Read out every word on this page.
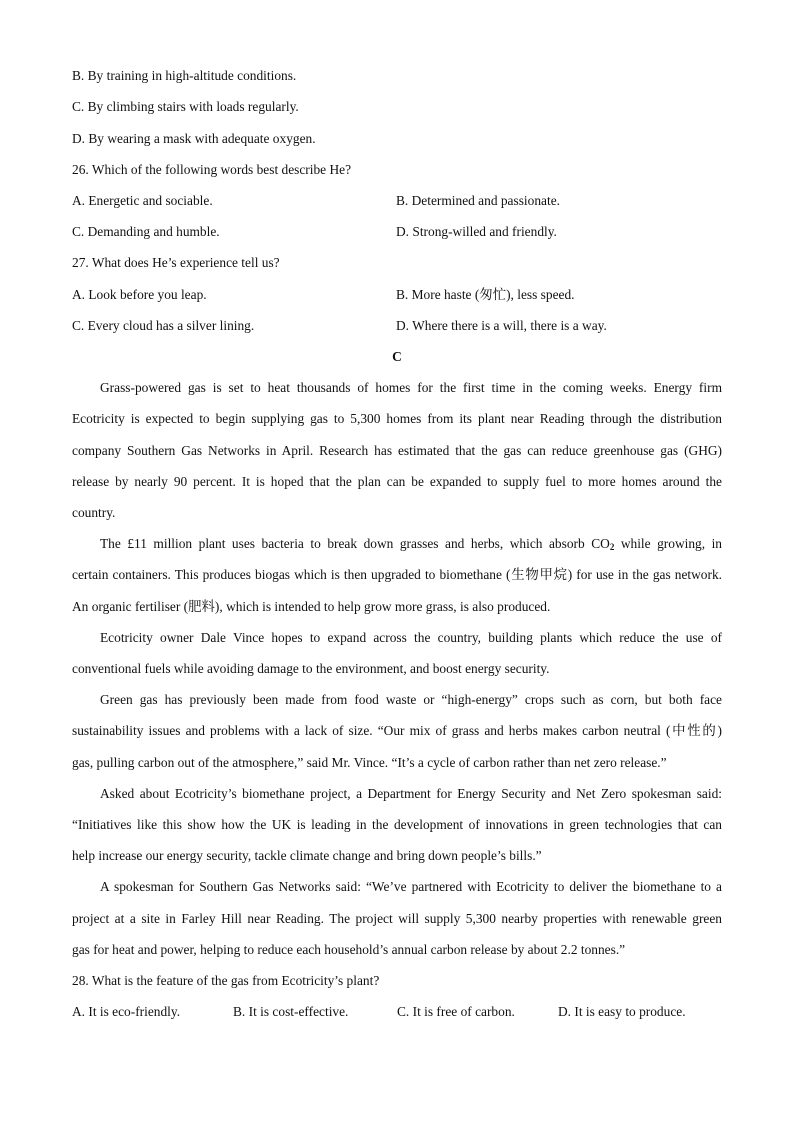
B. By training in high-altitude conditions.
C. By climbing stairs with loads regularly.
D. By wearing a mask with adequate oxygen.
26. Which of the following words best describe He?
A. Energetic and sociable.	B. Determined and passionate.
C. Demanding and humble.	D. Strong-willed and friendly.
27. What does He’s experience tell us?
A. Look before you leap.	B. More haste (匆忙), less speed.
C. Every cloud has a silver lining.	D. Where there is a will, there is a way.
C
Grass-powered gas is set to heat thousands of homes for the first time in the coming weeks. Energy firm
Ecotricity is expected to begin supplying gas to 5,300 homes from its plant near Reading through the distribution
company Southern Gas Networks in April. Research has estimated that the gas can reduce greenhouse gas (GHG)
release by nearly 90 percent. It is hoped that the plan can be expanded to supply fuel to more homes around the
country.
The £11 million plant uses bacteria to break down grasses and herbs, which absorb $CO_2$ while growing, in
certain containers. This produces biogas which is then upgraded to biomethane (生物甲烷) for use in the gas network.
An organic fertiliser (肥料), which is intended to help grow more grass, is also produced.
Ecotricity owner Dale Vince hopes to expand across the country, building plants which reduce the use of
conventional fuels while avoiding damage to the environment, and boost energy security.
Green gas has previously been made from food waste or “high-energy” crops such as corn, but both face
sustainability issues and problems with a lack of size. “Our mix of grass and herbs makes carbon neutral (中性的)
gas, pulling carbon out of the atmosphere,” said Mr. Vince. “It’s a cycle of carbon rather than net zero release.”
Asked about Ecotricity’s biomethane project, a Department for Energy Security and Net Zero spokesman said:
“Initiatives like this show how the UK is leading in the development of innovations in green technologies that can
help increase our energy security, tackle climate change and bring down people’s bills.”
A spokesman for Southern Gas Networks said: “We’ve partnered with Ecotricity to deliver the biomethane to a
project at a site in Farley Hill near Reading. The project will supply 5,300 nearby properties with renewable green
gas for heat and power, helping to reduce each household’s annual carbon release by about 2.2 tonnes.”
28. What is the feature of the gas from Ecotricity’s plant?
A. It is eco-friendly.	B. It is cost-effective.	C. It is free of carbon.	D. It is easy to produce.
